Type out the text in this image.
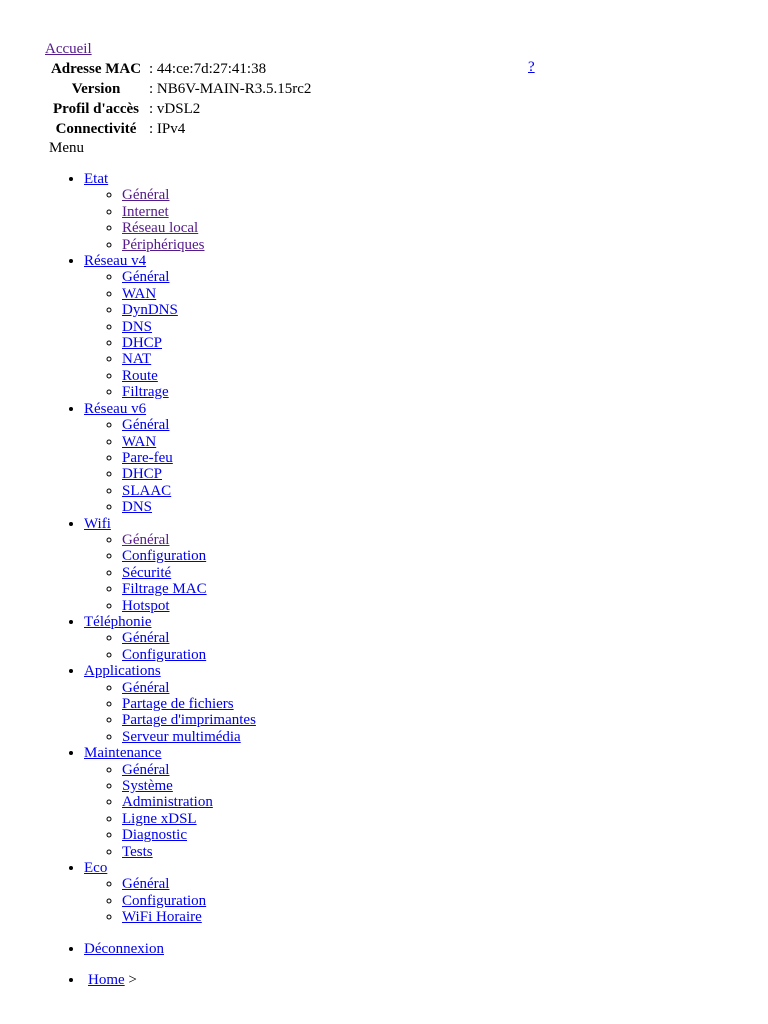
Accueil
?
Adresse MAC	: 44:ce:7d:27:41:38
Version	: NB6V-MAIN-R3.5.15rc2
Profil d'accès	: vDSL2
Connectivité	: IPv4
Menu
• Etat
◦ Général
◦ Internet
◦ Réseau local
◦ Périphériques
• Réseau v4
◦ Général
◦ WAN
◦ DynDNS
◦ DNS
◦ DHCP
◦ NAT
◦ Route
◦ Filtrage
• Réseau v6
◦ Général
◦ WAN
◦ Pare-feu
◦ DHCP
◦ SLAAC
◦ DNS
• Wifi
◦ Général
◦ Configuration
◦ Sécurité
◦ Filtrage MAC
◦ Hotspot
• Téléphonie
◦ Général
◦ Configuration
• Applications
◦ Général
◦ Partage de fichiers
◦ Partage d'imprimantes
◦ Serveur multimédia
• Maintenance
◦ Général
◦ Système
◦ Administration
◦ Ligne xDSL
◦ Diagnostic
◦ Tests
• Eco
◦ Général
◦ Configuration
◦ WiFi Horaire
• Déconnexion
• Home >
